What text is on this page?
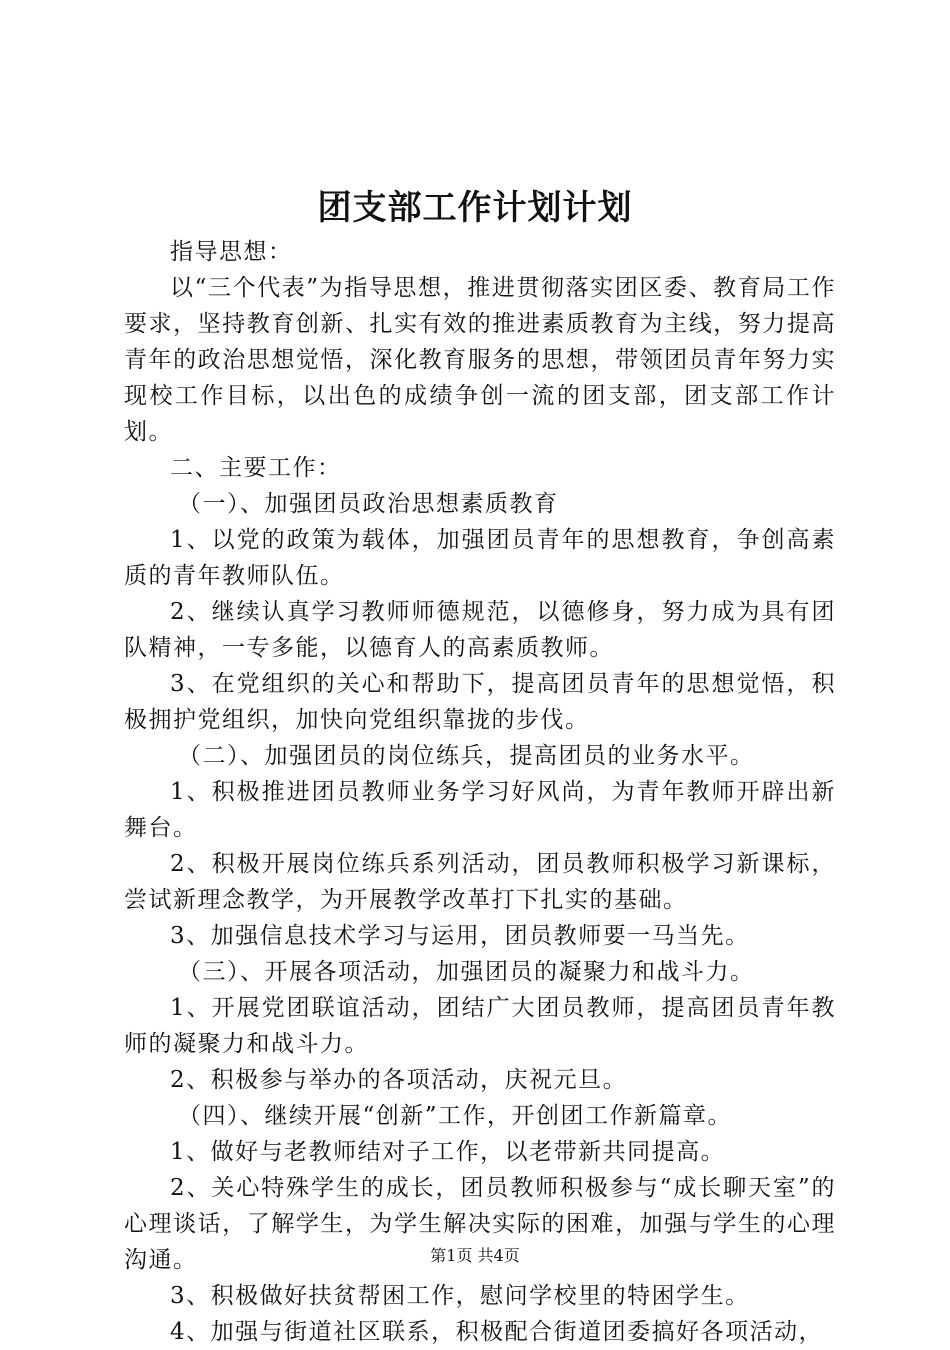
团支部工作计划计划

指导思想：

以“三个代表”为指导思想，推进贯彻落实团区委、教育局工作要求，坚持教育创新、扎实有效的推进素质教育为主线，努力提高青年的政治思想觉悟，深化教育服务的思想，带领团员青年努力实现校工作目标，以出色的成绩争创一流的团支部，团支部工作计划。

二、主要工作：

（一）、加强团员政治思想素质教育

1、以党的政策为载体，加强团员青年的思想教育，争创高素质的青年教师队伍。

2、继续认真学习教师师德规范，以德修身，努力成为具有团队精神，一专多能，以德育人的高素质教师。

3、在党组织的关心和帮助下，提高团员青年的思想觉悟，积极拥护党组织，加快向党组织靠拢的步伐。

（二）、加强团员的岗位练兵，提高团员的业务水平。

1、积极推进团员教师业务学习好风尚，为青年教师开辟出新舞台。

2、积极开展岗位练兵系列活动，团员教师积极学习新课标，尝试新理念教学，为开展教学改革打下扎实的基础。

3、加强信息技术学习与运用，团员教师要一马当先。

（三）、开展各项活动，加强团员的凝聚力和战斗力。

1、开展党团联谊活动，团结广大团员教师，提高团员青年教师的凝聚力和战斗力。

2、积极参与举办的各项活动，庆祝元旦。

（四）、继续开展“创新”工作，开创团工作新篇章。

1、做好与老教师结对子工作，以老带新共同提高。

2、关心特殊学生的成长，团员教师积极参与“成长聊天室”的心理谈话，了解学生，为学生解决实际的困难，加强与学生的心理沟通。

3、积极做好扶贫帮困工作，慰问学校里的特困学生。

4、加强与街道社区联系，积极配合街道团委搞好各项活动，

第1页 共4页
